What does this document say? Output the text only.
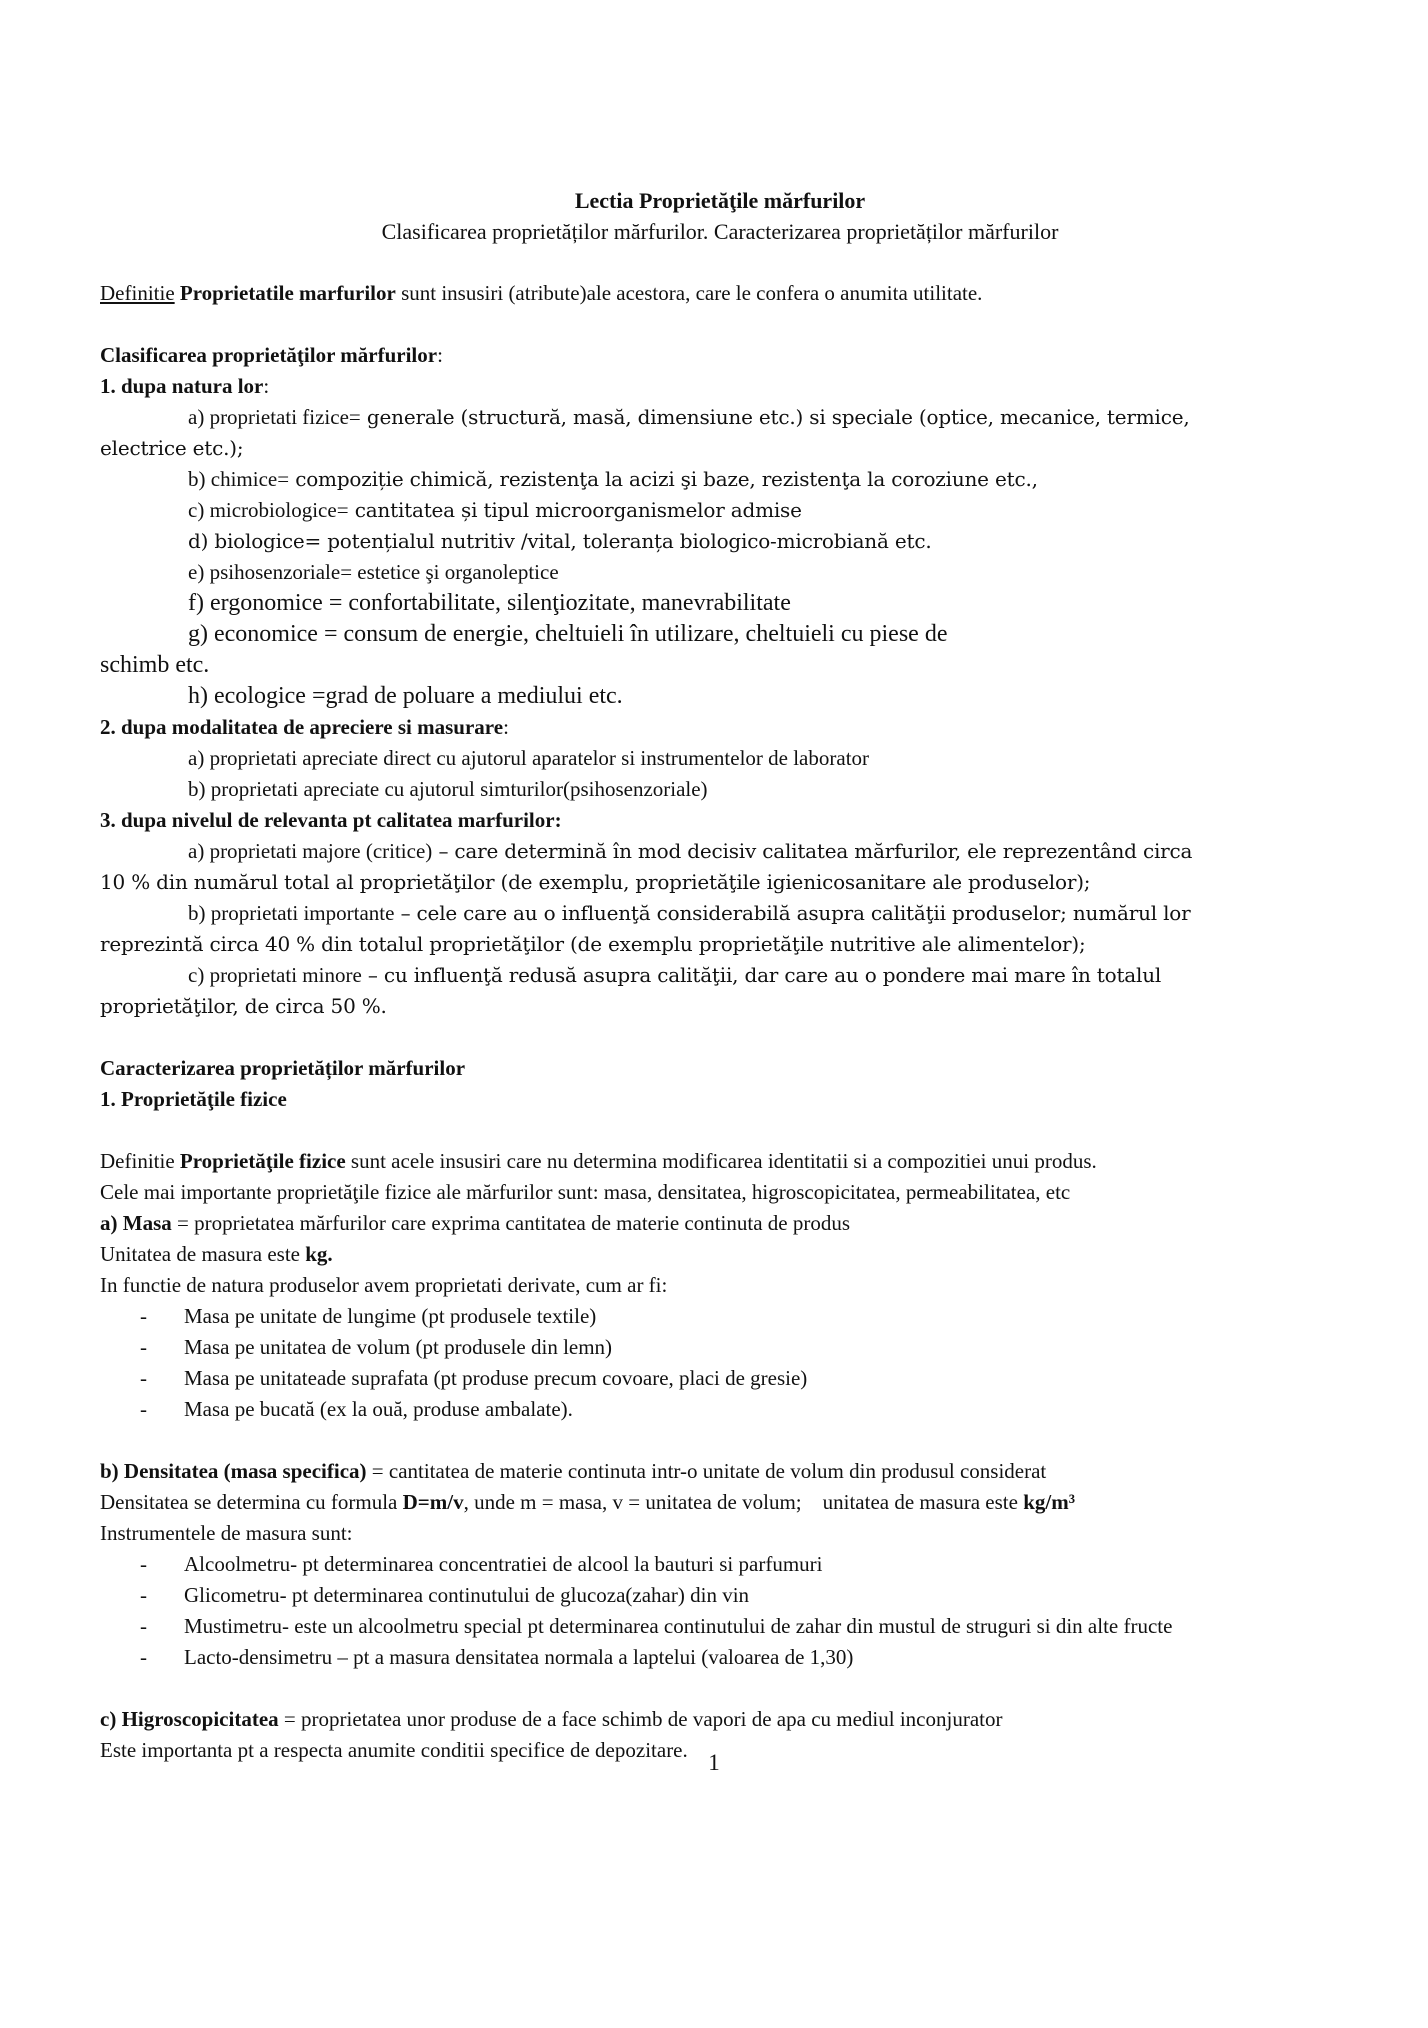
Lectia Proprietăţile mărfurilor
Clasificarea proprietăților mărfurilor. Caracterizarea proprietăților mărfurilor
Definitie Proprietatile marfurilor sunt insusiri (atribute)ale acestora, care le confera o anumita utilitate.
Clasificarea proprietăţilor mărfurilor:
1. dupa natura lor:
a) proprietati fizice= generale (structură, masă, dimensiune etc.) si speciale (optice, mecanice, termice,
electrice etc.);
b) chimice= compoziție chimică, rezistenţa la acizi şi baze, rezistenţa la coroziune etc.,
c) microbiologice= cantitatea și tipul microorganismelor admise
d) biologice= potențialul nutritiv /vital, toleranța biologico-microbiană etc.
e) psihosenzoriale= estetice şi organoleptice
f) ergonomice = confortabilitate, silenţiozitate, manevrabilitate
g) economice = consum de energie, cheltuieli în utilizare, cheltuieli cu piese de
schimb etc.
h) ecologice =grad de poluare a mediului etc.
2. dupa modalitatea de apreciere si masurare:
a) proprietati apreciate direct cu ajutorul aparatelor si instrumentelor de laborator
b) proprietati apreciate cu ajutorul simturilor(psihosenzoriale)
3. dupa nivelul de relevanta pt calitatea marfurilor:
a) proprietati majore (critice) – care determină în mod decisiv calitatea mărfurilor, ele reprezentând circa
10 % din numărul total al proprietăţilor (de exemplu, proprietăţile igienicosanitare ale produselor);
b) proprietati importante – cele care au o influenţă considerabilă asupra calităţii produselor; numărul lor
reprezintă circa 40 % din totalul proprietăţilor (de exemplu proprietăţile nutritive ale alimentelor);
c) proprietati minore – cu influenţă redusă asupra calităţii, dar care au o pondere mai mare în totalul
proprietăţilor, de circa 50 %.
Caracterizarea proprietăților mărfurilor
1. Proprietăţile fizice
Definitie Proprietăţile fizice sunt acele insusiri care nu determina modificarea identitatii si a compozitiei unui produs.
Cele mai importante proprietăţile fizice ale mărfurilor sunt: masa, densitatea, higroscopicitatea, permeabilitatea, etc
a) Masa = proprietatea mărfurilor care exprima cantitatea de materie continuta de produs
Unitatea de masura este kg.
In functie de natura produselor avem proprietati derivate, cum ar fi:
- Masa pe unitate de lungime (pt produsele textile)
- Masa pe unitatea de volum (pt produsele din lemn)
- Masa pe unitateade suprafata (pt produse precum covoare, placi de gresie)
- Masa pe bucată (ex la ouă, produse ambalate).
b) Densitatea (masa specifica) = cantitatea de materie continuta intr-o unitate de volum din produsul considerat
Densitatea se determina cu formula D=m/v, unde m = masa, v = unitatea de volum;    unitatea de masura este kg/m³
Instrumentele de masura sunt:
- Alcoolmetru- pt determinarea concentratiei de alcool la bauturi si parfumuri
- Glicometru- pt determinarea continutului de glucoza(zahar) din vin
- Mustimetru- este un alcoolmetru special pt determinarea continutului de zahar din mustul de struguri si din alte fructe
- Lacto-densimetru – pt a masura densitatea normala a laptelui (valoarea de 1,30)
c) Higroscopicitatea = proprietatea unor produse de a face schimb de vapori de apa cu mediul inconjurator
Este importanta pt a respecta anumite conditii specifice de depozitare. 1
